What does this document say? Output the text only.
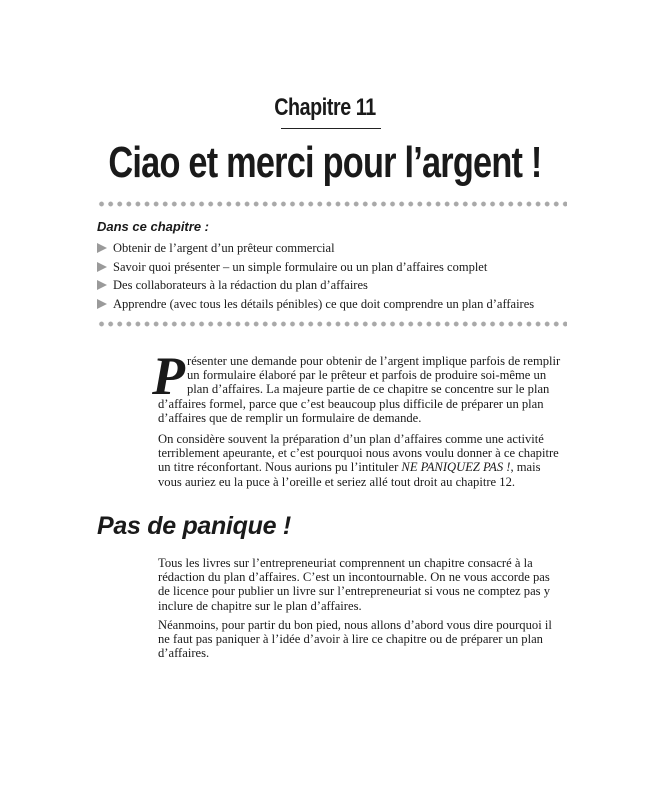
Chapitre 11
Ciao et merci pour l’argent !
Dans ce chapitre :
Obtenir de l’argent d’un prêteur commercial
Savoir quoi présenter – un simple formulaire ou un plan d’affaires complet
Des collaborateurs à la rédaction du plan d’affaires
Apprendre (avec tous les détails pénibles) ce que doit comprendre un plan d’affaires

Présenter une demande pour obtenir de l’argent implique parfois de remplir un formulaire élaboré par le prêteur et parfois de produire soi-même un plan d’affaires. La majeure partie de ce chapitre se concentre sur le plan d’affaires formel, parce que c’est beaucoup plus difficile de préparer un plan d’affaires que de remplir un formulaire de demande.

On considère souvent la préparation d’un plan d’affaires comme une activité terriblement apeurante, et c’est pourquoi nous avons voulu donner à ce chapitre un titre réconfortant. Nous aurions pu l’intituler NE PANIQUEZ PAS !, mais vous auriez eu la puce à l’oreille et seriez allé tout droit au chapitre 12.

Pas de panique !

Tous les livres sur l’entrepreneuriat comprennent un chapitre consacré à la rédaction du plan d’affaires. C’est un incontournable. On ne vous accorde pas de licence pour publier un livre sur l’entrepreneuriat si vous ne comptez pas y inclure de chapitre sur le plan d’affaires.

Néanmoins, pour partir du bon pied, nous allons d’abord vous dire pourquoi il ne faut pas paniquer à l’idée d’avoir à lire ce chapitre ou de préparer un plan d’affaires.
